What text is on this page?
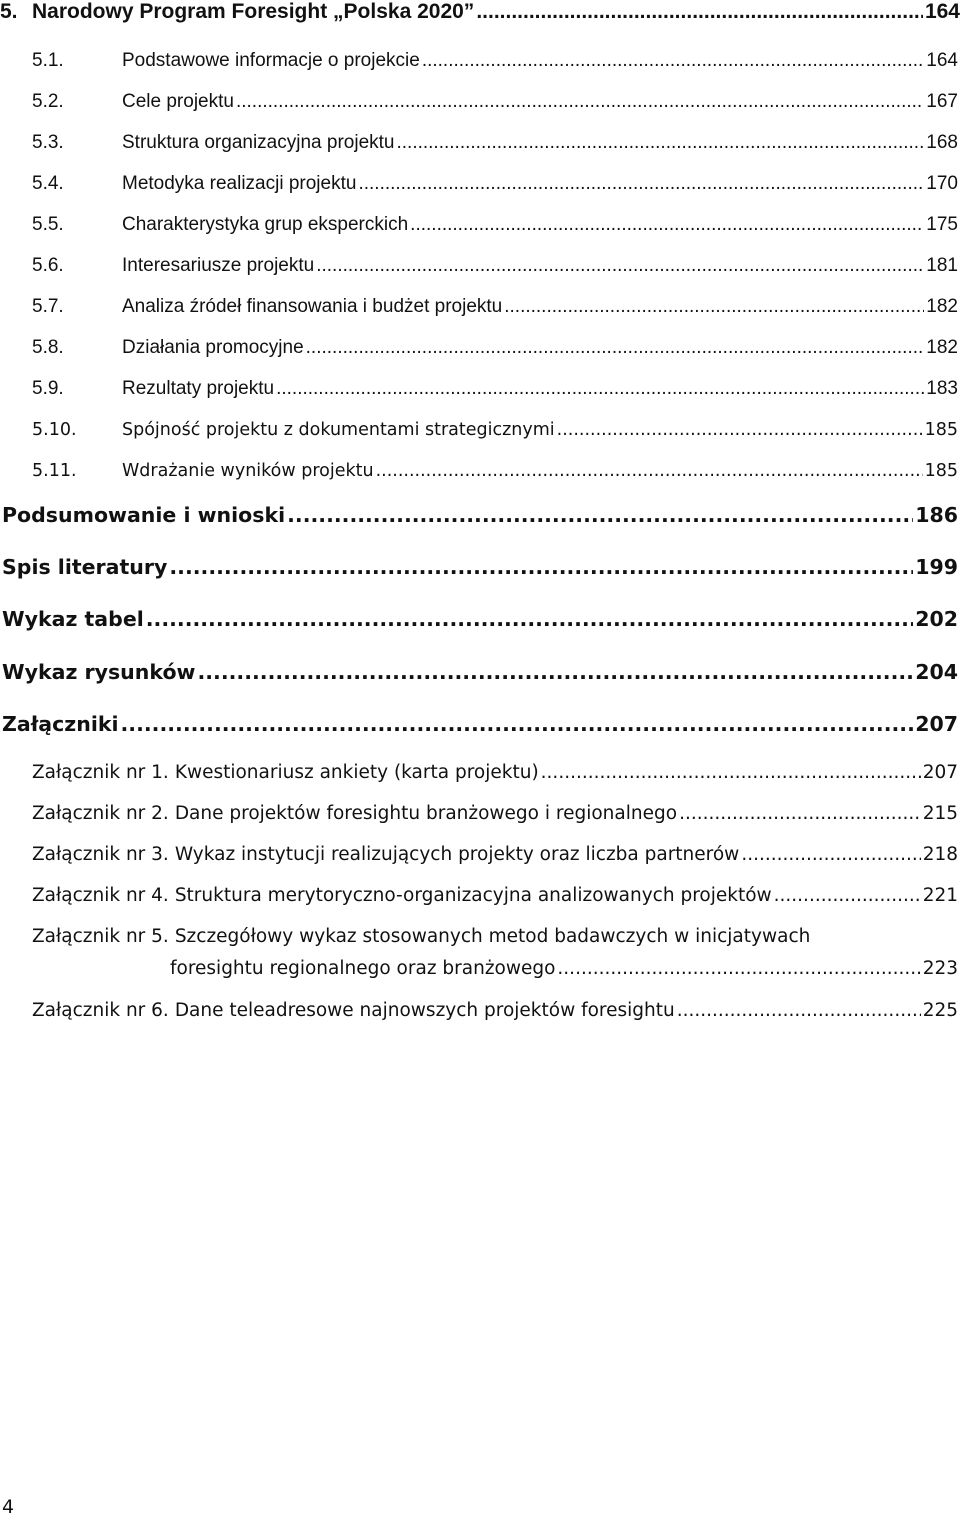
5. Narodowy Program Foresight „Polska 2020” .....	164
5.1.	Podstawowe informacje o projekcie .....	164
5.2.	Cele projektu .....	167
5.3.	Struktura organizacyjna projektu .....	168
5.4.	Metodyka realizacji projektu .....	170
5.5.	Charakterystyka grup eksperckich .....	175
5.6.	Interesariusze projektu .....	181
5.7.	Analiza źródeł finansowania i budżet projektu .....	182
5.8.	Działania promocyjne .....	182
5.9.	Rezultaty projektu .....	183
5.10.	Spójność projektu z dokumentami strategicznymi .....	185
5.11.	Wdrażanie wyników projektu .....	185
Podsumowanie i wnioski .....	186
Spis literatury .....	199
Wykaz tabel .....	202
Wykaz rysunków .....	204
Załączniki .....	207
Załącznik nr 1. Kwestionariusz ankiety (karta projektu) .....	207
Załącznik nr 2. Dane projektów foresightu branżowego i regionalnego .....	215
Załącznik nr 3. Wykaz instytucji realizujących projekty oraz liczba partnerów .....	218
Załącznik nr 4. Struktura merytoryczno-organizacyjna analizowanych projektów .....	221
Załącznik nr 5. Szczegółowy wykaz stosowanych metod badawczych w inicjatywach
foresightu regionalnego oraz branżowego .....	223
Załącznik nr 6. Dane teleadresowe najnowszych projektów foresightu .....	225
4
